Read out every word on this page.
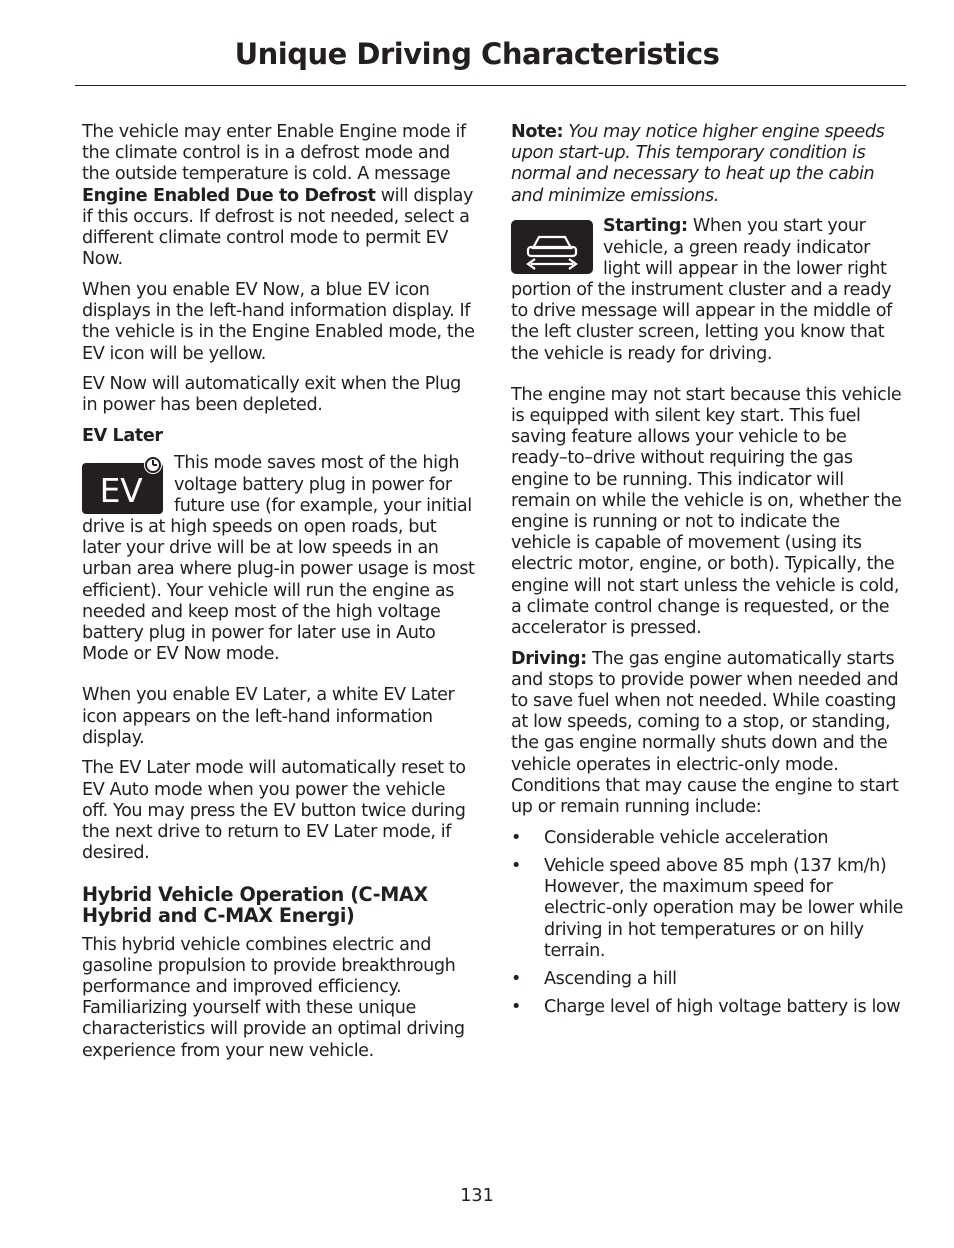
Unique Driving Characteristics

The vehicle may enter Enable Engine mode if the climate control is in a defrost mode and the outside temperature is cold. A message Engine Enabled Due to Defrost will display if this occurs. If defrost is not needed, select a different climate control mode to permit EV Now.

When you enable EV Now, a blue EV icon displays in the left-hand information display. If the vehicle is in the Engine Enabled mode, the EV icon will be yellow.

EV Now will automatically exit when the Plug in power has been depleted.

EV Later

EV
This mode saves most of the high voltage battery plug in power for future use (for example, your initial drive is at high speeds on open roads, but later your drive will be at low speeds in an urban area where plug-in power usage is most efficient). Your vehicle will run the engine as needed and keep most of the high voltage battery plug in power for later use in Auto Mode or EV Now mode.

When you enable EV Later, a white EV Later icon appears on the left-hand information display.

The EV Later mode will automatically reset to EV Auto mode when you power the vehicle off. You may press the EV button twice during the next drive to return to EV Later mode, if desired.

Hybrid Vehicle Operation (C-MAX Hybrid and C-MAX Energi)

This hybrid vehicle combines electric and gasoline propulsion to provide breakthrough performance and improved efficiency. Familiarizing yourself with these unique characteristics will provide an optimal driving experience from your new vehicle.

Note: You may notice higher engine speeds upon start-up. This temporary condition is normal and necessary to heat up the cabin and minimize emissions.

Starting: When you start your vehicle, a green ready indicator light will appear in the lower right portion of the instrument cluster and a ready to drive message will appear in the middle of the left cluster screen, letting you know that the vehicle is ready for driving.

The engine may not start because this vehicle is equipped with silent key start. This fuel saving feature allows your vehicle to be ready–to–drive without requiring the gas engine to be running. This indicator will remain on while the vehicle is on, whether the engine is running or not to indicate the vehicle is capable of movement (using its electric motor, engine, or both). Typically, the engine will not start unless the vehicle is cold, a climate control change is requested, or the accelerator is pressed.

Driving: The gas engine automatically starts and stops to provide power when needed and to save fuel when not needed. While coasting at low speeds, coming to a stop, or standing, the gas engine normally shuts down and the vehicle operates in electric-only mode. Conditions that may cause the engine to start up or remain running include:

• Considerable vehicle acceleration
• Vehicle speed above 85 mph (137 km/h) However, the maximum speed for electric-only operation may be lower while driving in hot temperatures or on hilly terrain.
• Ascending a hill
• Charge level of high voltage battery is low

131
